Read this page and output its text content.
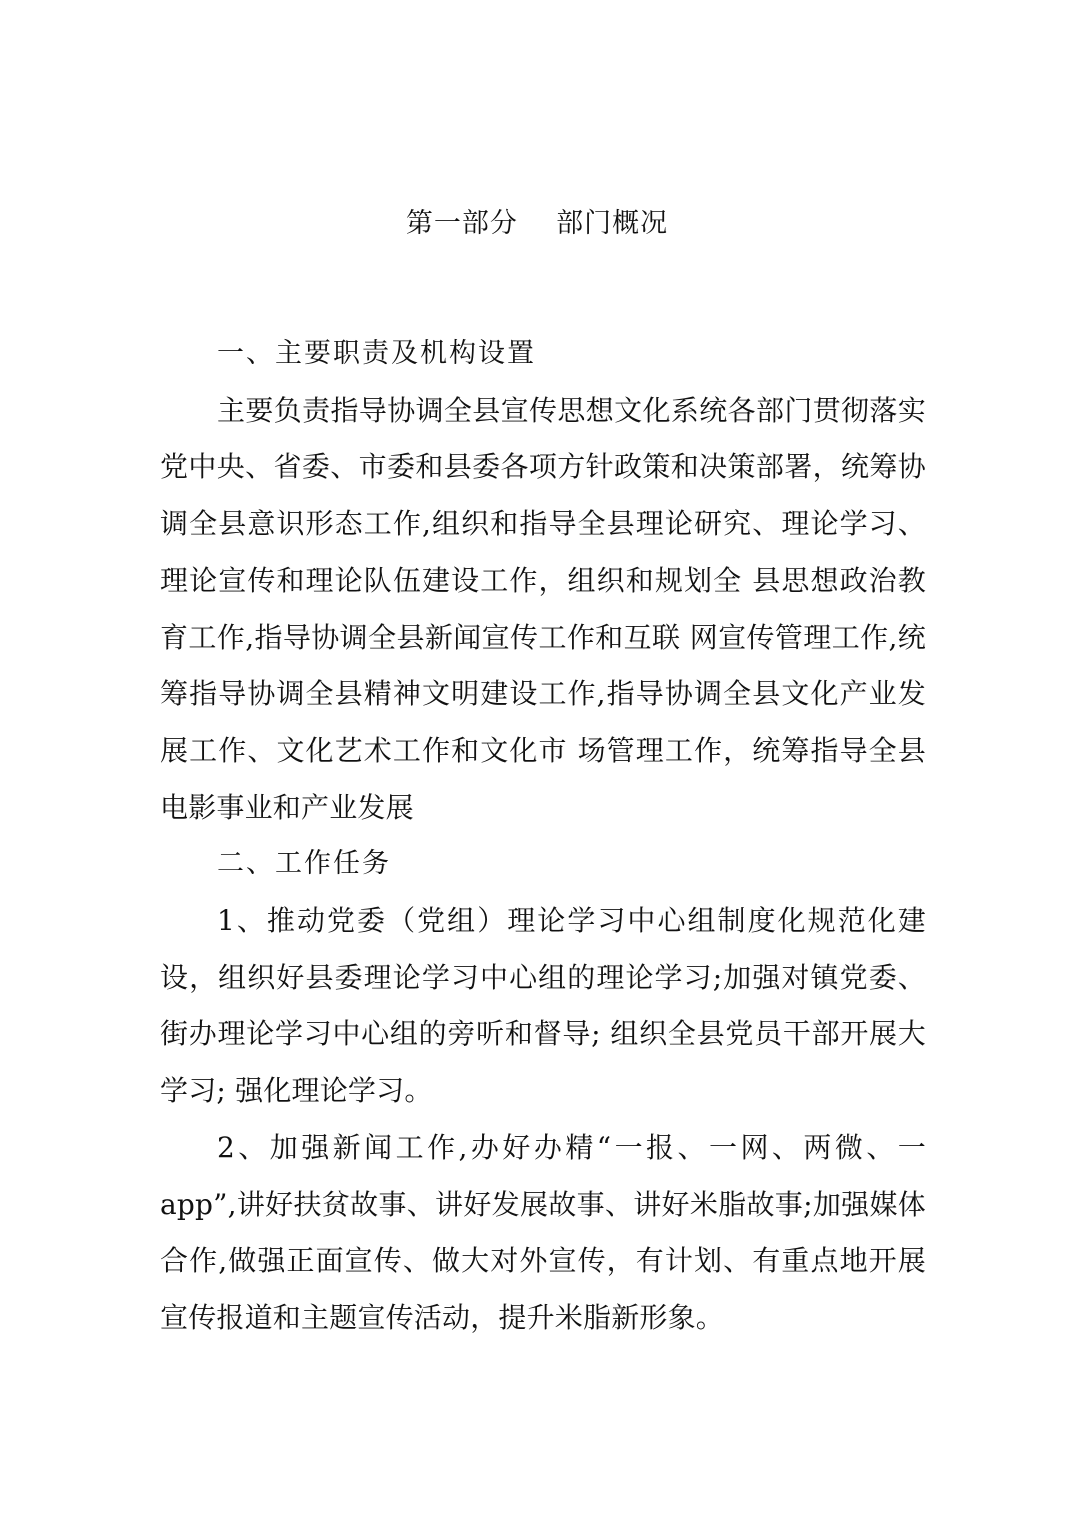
第一部分    部门概况

一、主要职责及机构设置

主要负责指导协调全县宣传思想文化系统各部门贯彻落实党中央、省委、市委和县委各项方针政策和决策部署，统筹协调全县意识形态工作,组织和指导全县理论研究、理论学习、理论宣传和理论队伍建设工作，组织和规划全 县思想政治教育工作,指导协调全县新闻宣传工作和互联 网宣传管理工作,统筹指导协调全县精神文明建设工作,指导协调全县文化产业发展工作、文化艺术工作和文化市 场管理工作，统筹指导全县电影事业和产业发展

二、工作任务

1、推动党委（党组）理论学习中心组制度化规范化建设，组织好县委理论学习中心组的理论学习;加强对镇党委、街办理论学习中心组的旁听和督导; 组织全县党员干部开展大学习; 强化理论学习。

2、加强新闻工作,办好办精“一报、一网、两微、一 app”,讲好扶贫故事、讲好发展故事、讲好米脂故事;加强媒体合作,做强正面宣传、做大对外宣传，有计划、有重点地开展宣传报道和主题宣传活动，提升米脂新形象。
